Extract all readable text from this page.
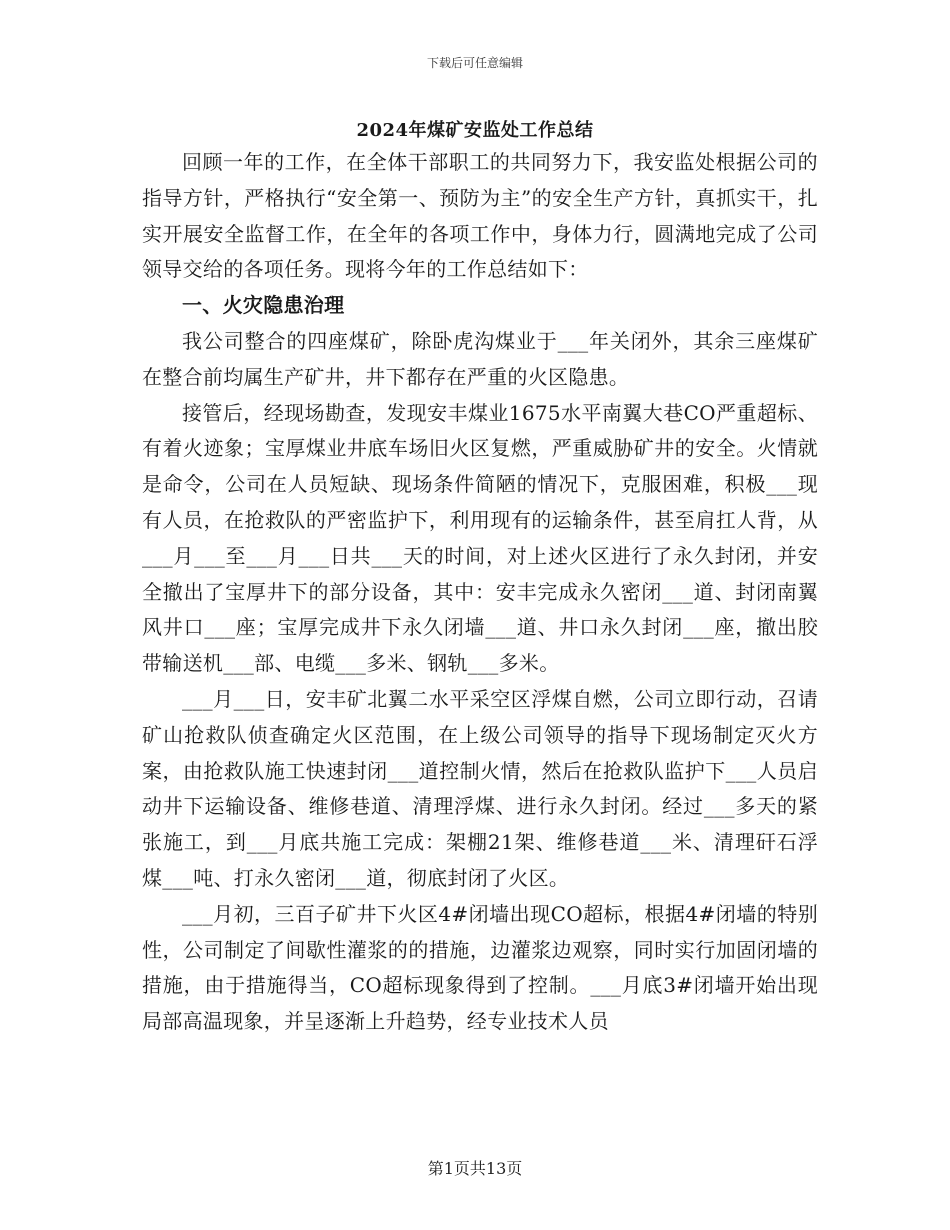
下载后可任意编辑
2024年煤矿安监处工作总结

回顾一年的工作，在全体干部职工的共同努力下，我安监处根据公司的指导方针，严格执行“安全第一、预防为主”的安全生产方针，真抓实干，扎实开展安全监督工作，在全年的各项工作中，身体力行，圆满地完成了公司领导交给的各项任务。现将今年的工作总结如下：

一、火灾隐患治理

我公司整合的四座煤矿，除卧虎沟煤业于___年关闭外，其余三座煤矿在整合前均属生产矿井，井下都存在严重的火区隐患。

接管后，经现场勘查，发现安丰煤业1675水平南翼大巷CO严重超标、有着火迹象；宝厚煤业井底车场旧火区复燃，严重威胁矿井的安全。火情就是命令，公司在人员短缺、现场条件简陋的情况下，克服困难，积极___现有人员，在抢救队的严密监护下，利用现有的运输条件，甚至肩扛人背，从___月___至___月___日共___天的时间，对上述火区进行了永久封闭，并安全撤出了宝厚井下的部分设备，其中：安丰完成永久密闭___道、封闭南翼风井口___座；宝厚完成井下永久闭墙___道、井口永久封闭___座，撤出胶带输送机___部、电缆___多米、钢轨___多米。

___月___日，安丰矿北翼二水平采空区浮煤自燃，公司立即行动，召请矿山抢救队侦查确定火区范围，在上级公司领导的指导下现场制定灭火方案，由抢救队施工快速封闭___道控制火情，然后在抢救队监护下___人员启动井下运输设备、维修巷道、清理浮煤、进行永久封闭。经过___多天的紧张施工，到___月底共施工完成：架棚21架、维修巷道___米、清理矸石浮煤___吨、打永久密闭___道，彻底封闭了火区。

___月初，三百子矿井下火区4#闭墙出现CO超标，根据4#闭墙的特别性，公司制定了间歇性灌浆的的措施，边灌浆边观察，同时实行加固闭墙的措施，由于措施得当，CO超标现象得到了控制。___月底3#闭墙开始出现局部高温现象，并呈逐渐上升趋势，经专业技术人员

第1页共13页
